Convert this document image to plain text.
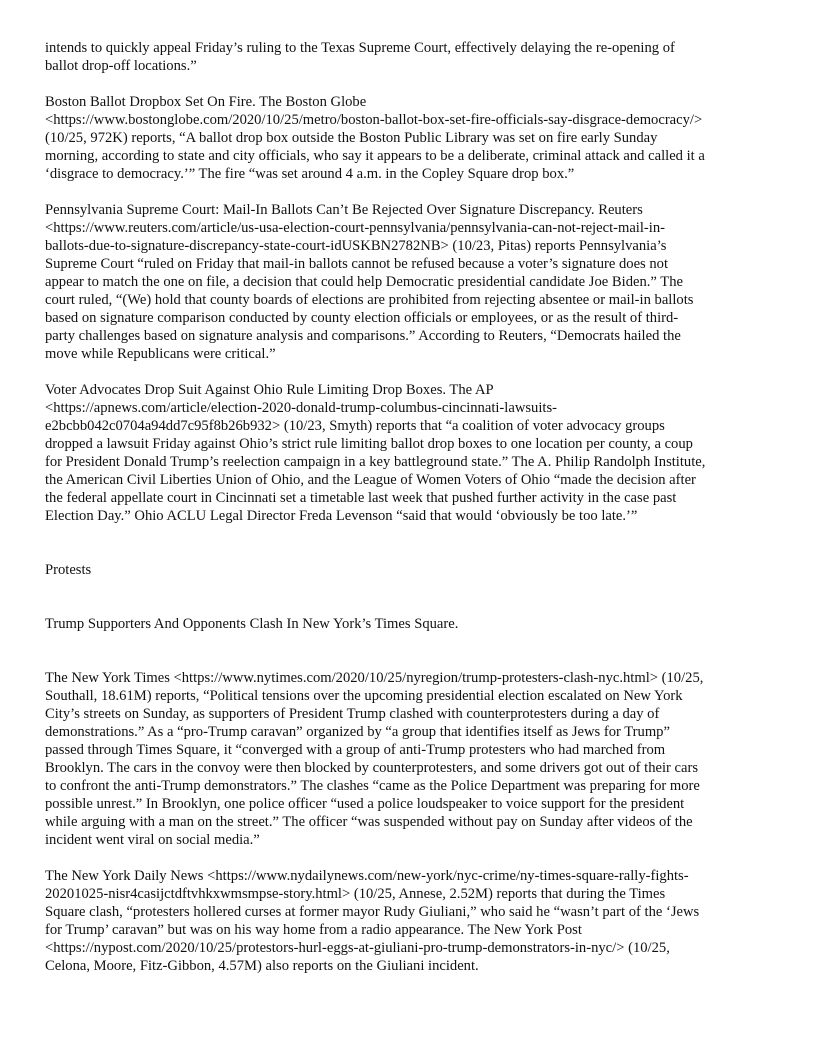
intends to quickly appeal Friday’s ruling to the Texas Supreme Court, effectively delaying the re-opening of
ballot drop-off locations.”
Boston Ballot Dropbox Set On Fire. The Boston Globe
<https://www.bostonglobe.com/2020/10/25/metro/boston-ballot-box-set-fire-officials-say-disgrace-democracy/>
(10/25, 972K) reports, “A ballot drop box outside the Boston Public Library was set on fire early Sunday
morning, according to state and city officials, who say it appears to be a deliberate, criminal attack and called it a
‘disgrace to democracy.’” The fire “was set around 4 a.m. in the Copley Square drop box.”
Pennsylvania Supreme Court: Mail-In Ballots Can’t Be Rejected Over Signature Discrepancy. Reuters
<https://www.reuters.com/article/us-usa-election-court-pennsylvania/pennsylvania-can-not-reject-mail-in-
ballots-due-to-signature-discrepancy-state-court-idUSKBN2782NB> (10/23, Pitas) reports Pennsylvania’s
Supreme Court “ruled on Friday that mail-in ballots cannot be refused because a voter’s signature does not
appear to match the one on file, a decision that could help Democratic presidential candidate Joe Biden.” The
court ruled, “(We) hold that county boards of elections are prohibited from rejecting absentee or mail-in ballots
based on signature comparison conducted by county election officials or employees, or as the result of third-
party challenges based on signature analysis and comparisons.” According to Reuters, “Democrats hailed the
move while Republicans were critical.”
Voter Advocates Drop Suit Against Ohio Rule Limiting Drop Boxes. The AP
<https://apnews.com/article/election-2020-donald-trump-columbus-cincinnati-lawsuits-
e2bcbb042c0704a94dd7c95f8b26b932> (10/23, Smyth) reports that “a coalition of voter advocacy groups
dropped a lawsuit Friday against Ohio’s strict rule limiting ballot drop boxes to one location per county, a coup
for President Donald Trump’s reelection campaign in a key battleground state.” The A. Philip Randolph Institute,
the American Civil Liberties Union of Ohio, and the League of Women Voters of Ohio “made the decision after
the federal appellate court in Cincinnati set a timetable last week that pushed further activity in the case past
Election Day.” Ohio ACLU Legal Director Freda Levenson “said that would ‘obviously be too late.’”
Protests
Trump Supporters And Opponents Clash In New York’s Times Square.
The New York Times <https://www.nytimes.com/2020/10/25/nyregion/trump-protesters-clash-nyc.html> (10/25,
Southall, 18.61M) reports, “Political tensions over the upcoming presidential election escalated on New York
City’s streets on Sunday, as supporters of President Trump clashed with counterprotesters during a day of
demonstrations.” As a “pro-Trump caravan” organized by “a group that identifies itself as Jews for Trump”
passed through Times Square, it “converged with a group of anti-Trump protesters who had marched from
Brooklyn. The cars in the convoy were then blocked by counterprotesters, and some drivers got out of their cars
to confront the anti-Trump demonstrators.” The clashes “came as the Police Department was preparing for more
possible unrest.” In Brooklyn, one police officer “used a police loudspeaker to voice support for the president
while arguing with a man on the street.” The officer “was suspended without pay on Sunday after videos of the
incident went viral on social media.”
The New York Daily News <https://www.nydailynews.com/new-york/nyc-crime/ny-times-square-rally-fights-
20201025-nisr4casijctdftvhkxwmsmpse-story.html> (10/25, Annese, 2.52M) reports that during the Times
Square clash, “protesters hollered curses at former mayor Rudy Giuliani,” who said he “wasn’t part of the ‘Jews
for Trump’ caravan” but was on his way home from a radio appearance. The New York Post
<https://nypost.com/2020/10/25/protestors-hurl-eggs-at-giuliani-pro-trump-demonstrators-in-nyc/> (10/25,
Celona, Moore, Fitz-Gibbon, 4.57M) also reports on the Giuliani incident.
